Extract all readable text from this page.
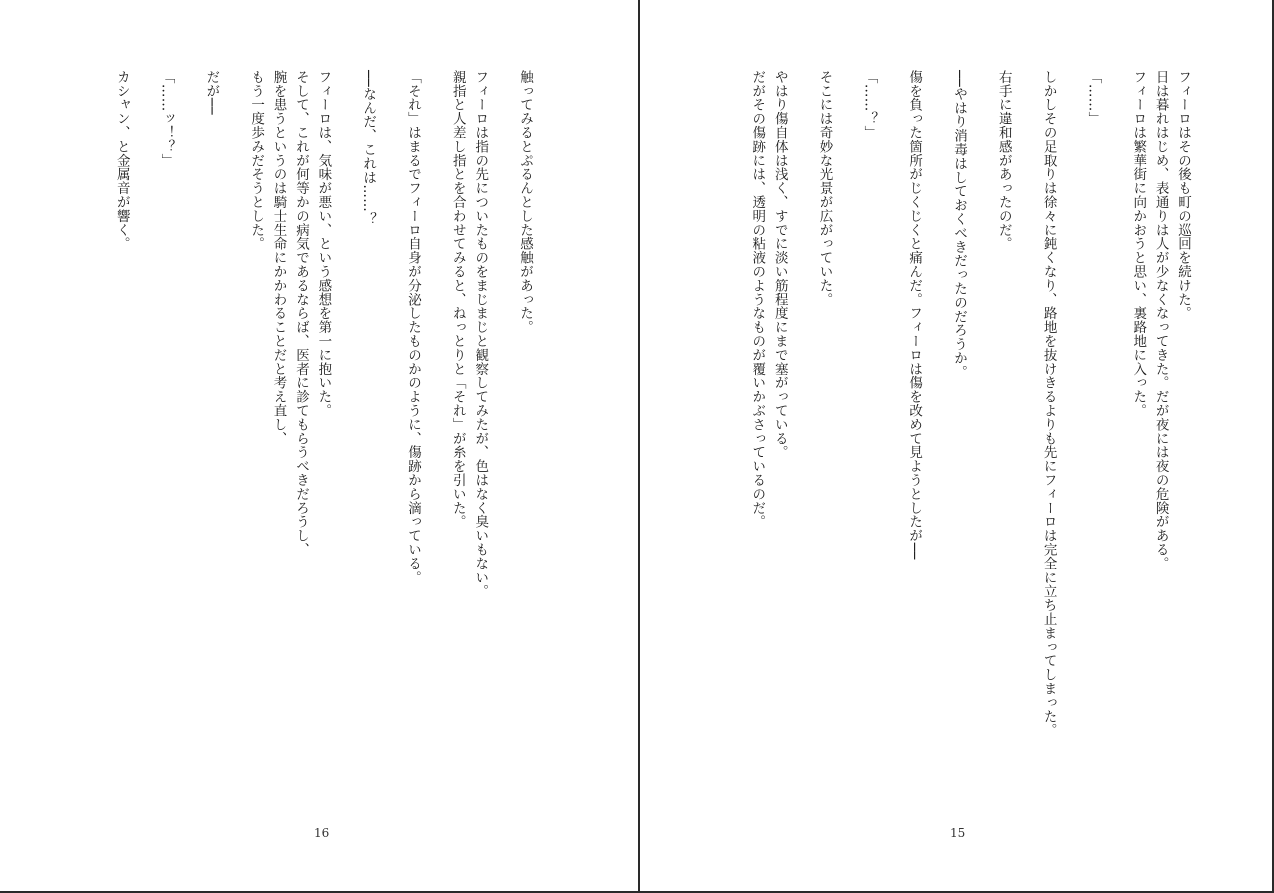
触ってみるとぷるんとした感触があった。

フィーロは指の先についたものをまじまじと観察してみたが、色はなく臭いもない。

親指と人差し指とを合わせてみると、ねっとりと「それ」が糸を引いた。

「それ」はまるでフィーロ自身が分泌したものかのように、傷跡から滴っている。

──なんだ、これは……？

フィーロは、気味が悪い、という感想を第一に抱いた。

そして、これが何等かの病気であるならば、医者に診てもらうべきだろうし、

腕を患うというのは騎士生命にかかわることだと考え直し、

もう一度歩みだそうとした。

だが──

「……ッ！？」

カシャン、と金属音が響く。

16

フィーロはその後も町の巡回を続けた。

日は暮れはじめ、表通りは人が少なくなってきた。だが夜には夜の危険がある。

フィーロは繁華街に向かおうと思い、裏路地に入った。

「……」

しかしその足取りは徐々に鈍くなり、路地を抜けきるよりも先にフィーロは完全に立ち止まってしまった。

右手に違和感があったのだ。

──やはり消毒はしておくべきだったのだろうか。

傷を負った箇所がじくじくと痛んだ。フィーロは傷を改めて見ようとしたが──

「……？」

そこには奇妙な光景が広がっていた。

やはり傷自体は浅く、すでに淡い筋程度にまで塞がっている。

だがその傷跡には、透明の粘液のようなものが覆いかぶさっているのだ。

15
